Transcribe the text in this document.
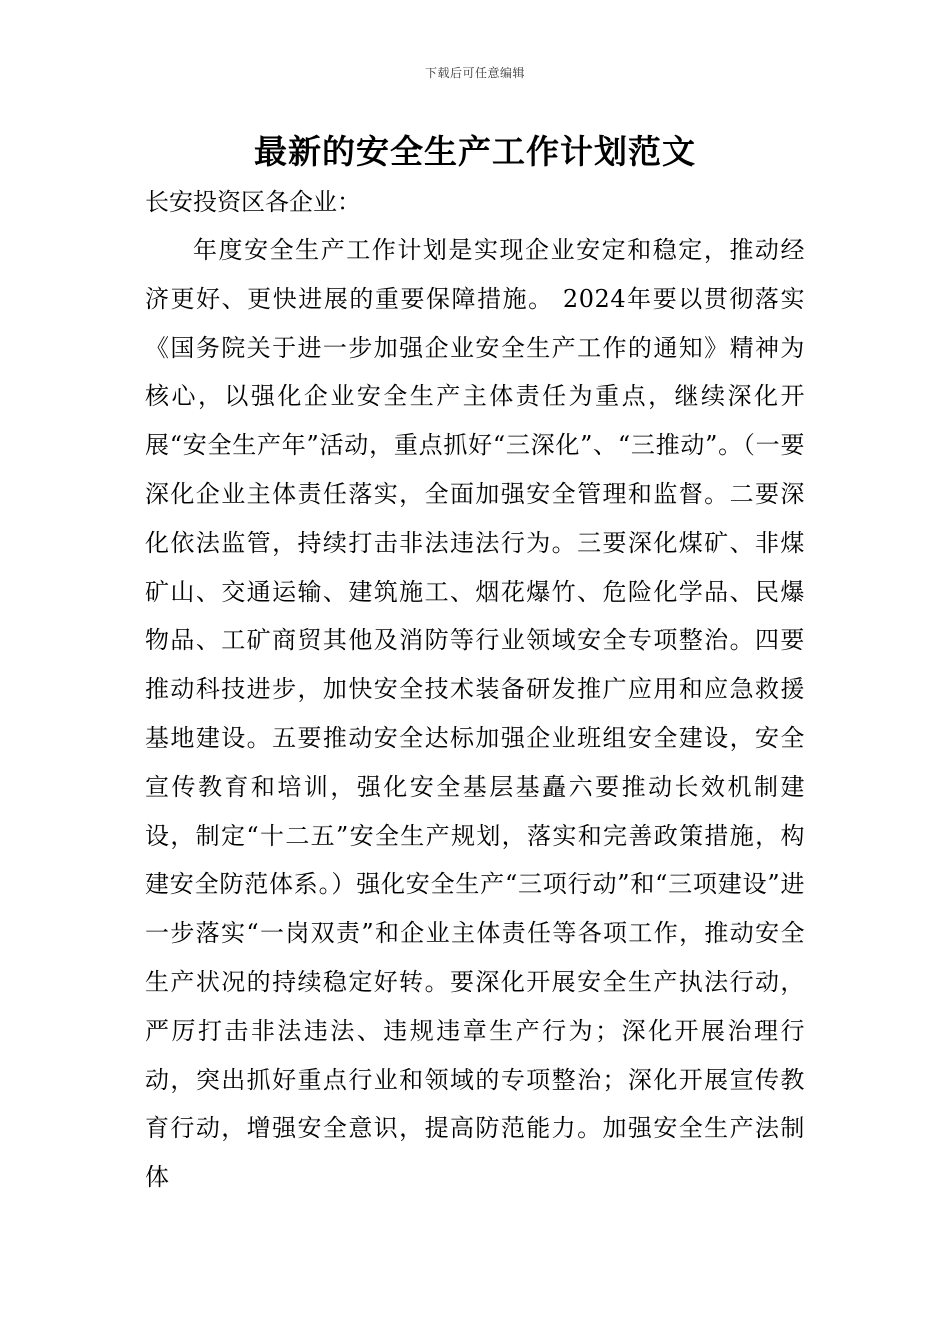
下载后可任意编辑
最新的安全生产工作计划范文

长安投资区各企业：

年度安全生产工作计划是实现企业安定和稳定，推动经济更好、更快进展的重要保障措施。 2024年要以贯彻落实《国务院关于进一步加强企业安全生产工作的通知》精神为核心，以强化企业安全生产主体责任为重点，继续深化开展“安全生产年”活动，重点抓好“三深化”、“三推动”。（一要深化企业主体责任落实，全面加强安全管理和监督。二要深化依法监管，持续打击非法违法行为。三要深化煤矿、非煤矿山、交通运输、建筑施工、烟花爆竹、危险化学品、民爆物品、工矿商贸其他及消防等行业领域安全专项整治。四要推动科技进步，加快安全技术装备研发推广应用和应急救援基地建设。五要推动安全达标加强企业班组安全建设，安全宣传教育和培训，强化安全基层基矗六要推动长效机制建设，制定“十二五”安全生产规划，落实和完善政策措施，构建安全防范体系。）强化安全生产“三项行动”和“三项建设”进一步落实“一岗双责”和企业主体责任等各项工作，推动安全生产状况的持续稳定好转。要深化开展安全生产执法行动，严厉打击非法违法、违规违章生产行为；深化开展治理行动，突出抓好重点行业和领域的专项整治；深化开展宣传教育行动，增强安全意识，提高防范能力。加强安全生产法制体
